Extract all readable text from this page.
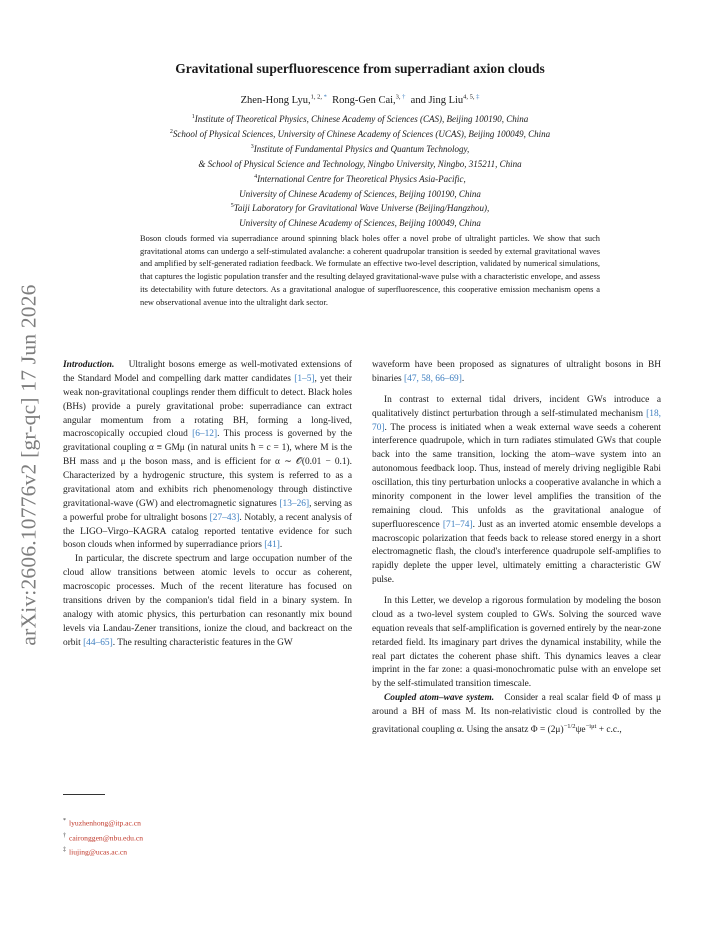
arXiv:2606.10776v2 [gr-qc] 17 Jun 2026
Gravitational superfluorescence from superradiant axion clouds
Zhen-Hong Lyu,$^{1, 2,}$ * Rong-Gen Cai,$^{3,}$ † and Jing Liu$^{4, 5,}$ ‡
$^1$Institute of Theoretical Physics, Chinese Academy of Sciences (CAS), Beijing 100190, China
$^2$School of Physical Sciences, University of Chinese Academy of Sciences (UCAS), Beijing 100049, China
$^3$Institute of Fundamental Physics and Quantum Technology,
& School of Physical Science and Technology, Ningbo University, Ningbo, 315211, China
$^4$International Centre for Theoretical Physics Asia-Pacific,
University of Chinese Academy of Sciences, Beijing 100190, China
$^5$Taiji Laboratory for Gravitational Wave Universe (Beijing/Hangzhou),
University of Chinese Academy of Sciences, Beijing 100049, China
Boson clouds formed via superradiance around spinning black holes offer a novel probe of ultralight particles. We show that such gravitational atoms can undergo a self-stimulated avalanche: a coherent quadrupolar transition is seeded by external gravitational waves and amplified by self-generated radiation feedback. We formulate an effective two-level description, validated by numerical simulations, that captures the logistic population transfer and the resulting delayed gravitational-wave pulse with a characteristic envelope, and assess its detectability with future detectors. As a gravitational analogue of superfluorescence, this cooperative emission mechanism opens a new observational avenue into the ultralight dark sector.

Introduction. Ultralight bosons emerge as well-motivated extensions of the Standard Model and compelling dark matter candidates [1–5], yet their weak non-gravitational couplings render them difficult to detect. Black holes (BHs) provide a purely gravitational probe: superradiance can extract angular momentum from a rotating BH, forming a long-lived, macroscopically occupied cloud [6–12]. This process is governed by the gravitational coupling α ≡ GMμ (in natural units ħ = c = 1), where M is the BH mass and μ the boson mass, and is efficient for α ∼ 𝒪(0.01 − 0.1). Characterized by a hydrogenic structure, this system is referred to as a gravitational atom and exhibits rich phenomenology through distinctive gravitational-wave (GW) and electromagnetic signatures [13–26], serving as a powerful probe for ultralight bosons [27–43]. Notably, a recent analysis of the LIGO–Virgo–KAGRA catalog reported tentative evidence for such boson clouds when informed by superradiance priors [41].

In particular, the discrete spectrum and large occupation number of the cloud allow transitions between atomic levels to occur as coherent, macroscopic processes. Much of the recent literature has focused on transitions driven by the companion's tidal field in a binary system. In analogy with atomic physics, this perturbation can resonantly mix bound levels via Landau-Zener transitions, ionize the cloud, and backreact on the orbit [44–65]. The resulting characteristic features in the GW

waveform have been proposed as signatures of ultralight bosons in BH binaries [47, 58, 66–69].

In contrast to external tidal drivers, incident GWs introduce a qualitatively distinct perturbation through a self-stimulated mechanism [18, 70]. The process is initiated when a weak external wave seeds a coherent interference quadrupole, which in turn radiates stimulated GWs that couple back into the same transition, locking the atom–wave system into an autonomous feedback loop. Thus, instead of merely driving negligible Rabi oscillation, this tiny perturbation unlocks a cooperative avalanche in which a minority component in the lower level amplifies the transition of the remaining cloud. This unfolds as the gravitational analogue of superfluorescence [71–74]. Just as an inverted atomic ensemble develops a macroscopic polarization that feeds back to release stored energy in a short electromagnetic flash, the cloud's interference quadrupole self-amplifies to rapidly deplete the upper level, ultimately emitting a characteristic GW pulse.

In this Letter, we develop a rigorous formulation by modeling the boson cloud as a two-level system coupled to GWs. Solving the sourced wave equation reveals that self-amplification is governed entirely by the near-zone retarded field. Its imaginary part drives the dynamical instability, while the real part dictates the coherent phase shift. This dynamics leaves a clear imprint in the far zone: a quasi-monochromatic pulse with an envelope set by the self-stimulated transition timescale.

Coupled atom–wave system. Consider a real scalar field Φ of mass μ around a BH of mass M. Its non-relativistic cloud is controlled by the gravitational coupling α. Using the ansatz $\Phi = (2\mu)^{-1/2}\psi e^{-i\mu t} + c.c$.,

* lyuzhenhong@itp.ac.cn
† caironggen@nbu.edu.cn
‡ liujing@ucas.ac.cn
